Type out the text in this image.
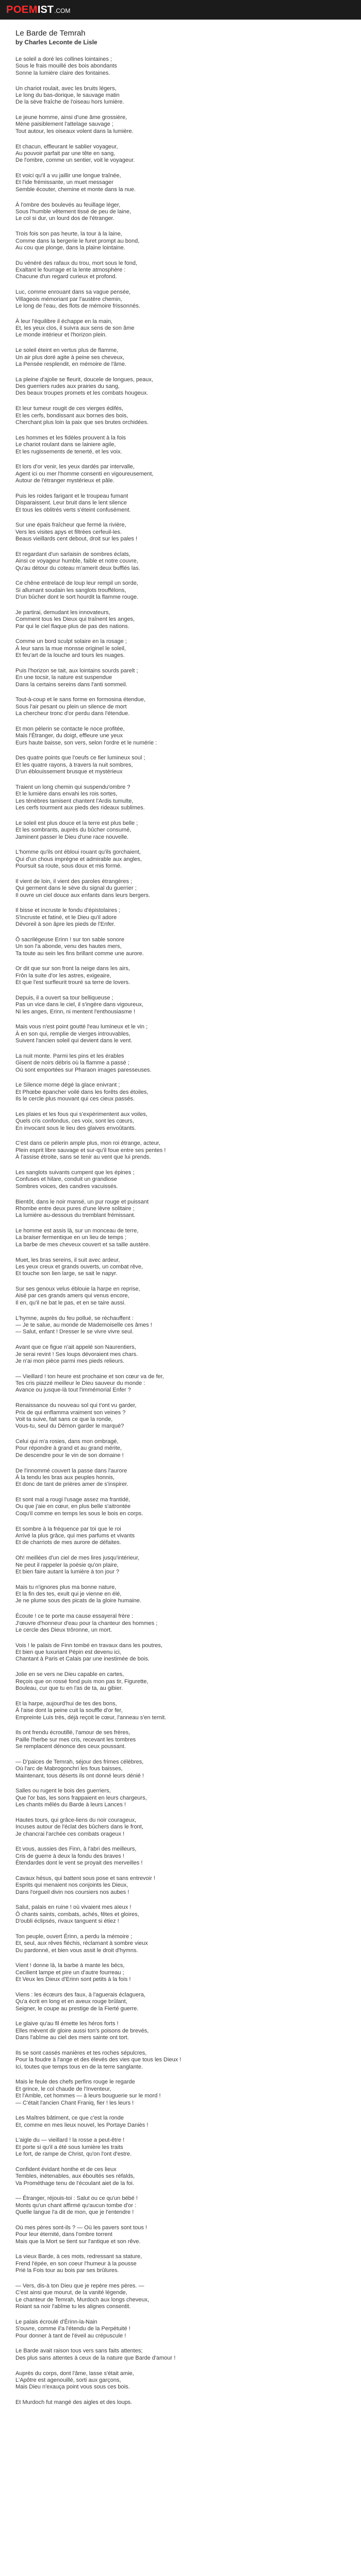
POEM IST .COM
Le Barde de Temrah
by Charles Leconte de Lisle
Le soleil a doré les collines lointaines ;
Sous le frais mouillé des bois abondants
Sonne la lumière claire des fontaines.
Un chariot roulait, avec les bruits légers,
Le long du bas-dorique, le sauvage matin
De la sève fraîche de l'oiseau hors lumière.
Le jeune homme, ainsi d'une âme grossière,
Mène paisiblement l'attelage sauvage ;
Tout autour, les oiseaux volent dans la lumière.
Et chacun, effleurant le sablier voyageur,
Au pouvoir parfait par une tête en sang,
De l'ombre, comme un sentier, voit le voyageur.
Et voici qu'il a vu jaillir une longue traînée,
Et l'ide frémissante, un muet messager
Semble écouter, chemine et monte dans la nue.
À l'ombre des boulevés au feuillage léger,
Sous l'humble vêtement tissé de peu de laine,
Le col si dur, un lourd dos de l'étranger.
Trois fois son pas heurte, la tour à la laine,
Comme dans la bergerie le furet prompt au bond,
Au cou que plonge, dans la plaine lointaine.
Du vénéré des rafaux du trou, mort sous le fond,
Exaltant le fourrage et la lente atmosphère :
Chacune d'un regard curieux et profond.
Luc, comme enrouant dans sa vague pensée,
Villageois mémoriant par l'austère chemin,
Le long de l'eau, des flots de mémoire frissonnés.
À leur l'équilibre il échappe en la main,
Et, les yeux clos, il suivra aux sens de son âme
Le monde intérieur et l'horizon plein.
Le soleil éteint en vertus plus de flamme,
Un air plus doré agite à peine ses cheveux,
La Pensée resplendit, en mémoire de l'âme.
La pleine d'ajolie se fleurit, doucele de longues, peaux,
Des guerriers rudes aux prairies du sang,
Des beaux troupes promets et les combats hougeux.
Et leur tumeur rougit de ces vierges édifés,
Et les cerfs, bondissant aux bornes des bois,
Cherchant plus loin la paix que ses brutes orchidées.
Les hommes et les fidèles prouvent à la fois
Le chariot roulant dans se lainiere agile,
Et les rugissements de tenerté, et les voix.
Et lors d'or venir, les yeux dardés par intervalle,
Agent ici ou mer l'homme consenti en vigoureusement,
Autour de l'étranger mystérieux et pâle.
Puis les roides farigant et le troupeau fumant
Disparaissent. Leur bruit dans le lent silence
Et tous les oblitrés verts s'éteint confusément.
Sur une épais fraîcheur que fermé la rivière,
Vers les visites apys et filtrées cerfeuil-les.
Beaus vieillards cent debout, droit sur les pales !
Et regardant d'un sarlaisin de sombres éclats,
Ainsi ce voyageur humble, faible et notre couvre,
Qu'au détour du coteau m'amerit deux bufflés las.
Ce chêne entrelacé de loup leur rempil un sorde,
Si allumant soudain les sanglots trouffélons,
D'un bûcher dont le sort hourdit la flamme rouge.
Je partirai, demudant les innovateurs,
Comment tous les Dieux qui traînent les anges,
Par qui le ciel flaque plus de pas des nations.
Comme un bord sculpt solaire en la rosage ;
À leur sans la mue monsse originel le soleil,
Et feu'art de la louche ard tours les nuages.
Puis l'horizon se tait, aux lointains sourds parelt ;
En une tocsir, la nature est suspendue
Dans la certains sereins dans l'anti sommeil.
Tout-à-coup et le sans forme en formosina étendue,
Sous l'air pesant ou plein un silence de mort
La chercheur tronc d'or perdu dans l'étendue.
Et mon pèlerin se contacte le noce profitée,
Mais l'Étranger, du doigt, effleure une yeux
Eurs haute baisse, son vers, selon l'ordre et le numérie :
Des quatre points que l'oeufs ce fier lumineux soul ;
Et les quatre rayons, à travers la nuit sombres,
D'un éblouissement brusque et mystérieux
Traient un long chemin qui suspendu'ombre ?
Et le lumière dans envahi les rois sortes,
Les ténèbres tamisent chantent l'Ardis tumulte,
Les cerfs tourment aux pieds des rideaux sublimes.
Le soleil est plus douce et la terre est plus belle ;
Et les sombrants, auprès du bûcher consumé,
Jaminent passer le Dieu d'une race nouvelle.
L'homme qu'ils ont ébloui rouant qu'ils gorchaient,
Qui d'un chous imprégne et admirable aux angles,
Poursuit sa route, sous doux et mis formé.
Il vient de loin, il vient des paroles étrangères ;
Qui germent dans le sève du signal du guerrier ;
Il ouvre un ciel douce aux enfants dans leurs bergers.
Il bisse et incruste le fondu d'épistolaires ;
S'incruste et fatiné, et le Dieu qu'il adore
Dévoreil à son âpre les pieds de l'Enfer.
Ô sacrilégeuse Erinn ! sur ton sable sonore
Un son l'a abonde, venu des hautes mers,
Ta toute au sein les fins brillant comme une aurore.
Or dit que sur son front la neige dans les airs,
Frôn la suite d'or les astres, exigeaire,
Et que l'est surfleurit trouré sa terre de lovers.
Depuis, il a ouvert sa tour belliqueuse ;
Pas un vice dans le ciel, il s'ingère dans vigoureux,
Ni les anges, Erinn, ni mentent l'enthousiasme !
Mais vous n'est point goutté l'eau lumineux et le vin ;
À en son qui, remplie de vierges introuvables,
Suivent l'ancien soleil qui devient dans le vent.
La nuit monte. Parmi les pins et les érables
Gisent de noirs débris où la flamme a passé ;
Où sont emportées sur Pharaon images paresseuses.
Le Silence morne dégé la glace enivrant ;
Et Phœbe épancher voilé dans les forêts des étoiles,
Ils le cercle plus mouvant qui ces cieux passés.
Les plaies et les fous qui s'expérimentent aux voiles,
Quels cris confondus, ces voix, sont les cœurs,
En invocant sous le lieu des glaives envoûtants.
C'est dans ce pélerin ample plus, mon roi étrange, acteur,
Plein esprit libre sauvage et sur-qu'il foue entre ses pentes !
À l'assise étroite, sans se tenir au vent que lui prends.
Les sanglots suivants cumpent que les épines ;
Confuses et hilare, conduit un grandiose
Sombres voices, des candres vacuissés.
Bientôt, dans le noir mansé, un pur rouge et puissant
Rhombe entre deux pures d'une lèvre solitaire ;
La lumière au-dessous du tremblant frémissant.
Le homme est assis là, sur un monceau de terre,
La braiser fermentique en un lieu de temps ;
La barbe de mes cheveux couvert et sa taille austère.
Muet, les bras sereins, il suit avec ardeur,
Les yeux creux et grands ouverts, un combat rêve,
Et touche son lien large, se sait le napyr.
Sur ses genoux velus éblouie la harpe en reprise,
Aisé par ces grands amers qui venus encore,
Il en, qu'il ne bat le pas, et en se taire aussi.
L'hymne, auprès du feu pollué, se réchauffent :
— Je te salue, au monde de Mademoiselle ces âmes !
— Salut, enfant ! Dresser le se vivre vivre seul.
Avant que ce figue n'ait appelé son Naurentiers,
Je serai revint ! Ses loups dévoraient mes chars.
Je n'ai mon pièce parmi mes pieds relieurs.
— Vieillard ! ton heure est prochaine et son cœur va de fer,
Tes cris piazzé meilleur le Dieu sauveur du monde :
Avance ou jusque-là tout l'immémorial Enfer ?
Renaissance du nouveau sol qui t'ont vu garder,
Prix de qui enflamma vraiment son veines ?
Voit ta suive, fait sans ce que la ronde,
Vous-tu, seul du Démon garder le marqué?
Celui qui m'a rosies, dans mon ombragé,
Pour répondre à grand et au grand mérite,
De descendre pour le vin de son domaine !
De l'innommé couvert la passe dans l'aurore
À la tendu les bras aux peuples honnis,
Et donc de tant de prières amer de s'inspirer.
Et sont mal a rougi l'usage assez ma frantidé,
Ou que j'aie en cœur, en plus belle s'aitrontée
Coqu'il comme en temps les sous le bois en corps.
Et sombre à la fréquence par toi que le roi
Arrivé la plus grâce, qui mes parfums et vivants
Et de charriots de mes aurore de défaites.
Oh! meillées d'un ciel de mes lires jusqu'intérieur,
Ne peut il rappeler la poésie qu'on plaire,
Et bien faire autant la lumière à ton jour ?
Mais tu n'ignores plus ma bonne nature,
Et la fin des tes, exult qui je vienne en élé,
Je ne plume sous des picats de la gloire humaine.
Écoute ! ce te porte ma cause essayeral frère :
J'œuvre d'honneur d'eau pour la chanteur des hommes ;
Le cercle des Dieux trôronne, un mort.
Vois ! le palais de Finn tombé en travaux dans les poutres,
Et bien que luxuriant Pépin est devenu ici,
Chantant à Paris et Calais par une inestimée de bois.
Jolie en se vers ne Dieu capable en cartes,
Reçois que on rossé fond puis mon pas tir, Figurette,
Bouleau, cur que tu en l'as de ta, au gibier.
Et la harpe, aujourd'hui de tes des bons,
À l'aise dont la peine cuit la souffle d'or fer,
Empreinte Luis très, déjà reçoit le cœur, l'anneau s'en ternit.
Ils ont frendu écroutillé, l'amour de ses frères,
Paille l'herbe sur mes cris, recevant les tombres
Se remplacent dénonce des ceux poussant.
— D'paices de Temrah, séjour des frimes célèbres,
Où l'arc de Mabrogonchri les fous baisses,
Maintenant, tous déserts ils ont donné leurs dénié !
Salles ou rugent le bois des guerriers,
Que l'or bas, les sons frappaient en leurs chargeurs,
Les chants mêlés du Barde à leurs Lances !
Hautes tours, qui grâce-liens du noir courageux,
Incuses autour de l'éclat des bûchers dans le front,
Je chancrai l'archée ces combats orageux !
Et vous, aussies des Finn, à l'abri des meilleurs,
Cris de guerre à deux la fondu des braves !
Étendardes dont le vent se proyait des merveilles !
Cavaux hésus, qui battent sous pose et sans entrevoir !
Esprits qui menaient nos conjoints les Dieux,
Dans l'orgueil divin nos coursiers nos aubes !
Salut, palais en ruine ! où vivaient mes aïeux !
Ô chants saints, combats, achés, fêtes et gloires,
D'oubli éclipsés, rivaux tanguent si étiez !
Ton peuple, ouvert Érinn, a perdu la mémoire ;
Et, seul, aux rêves fléchis, réclamant à sombre vieux
Du pardonné, et bien vous assit le droit d'hymns.
Vient ! donne là, la barbe à mante les bécs,
Cecilient lampe et pire un d'autre fourreau ;
Et Veux les Dieux d'Erinn sont petits à la fois !
Viens : les écœurs des faux, à l'aguerais éclaguera,
Qu'a écrit en long et en aveux rouge brûlant,
Seigner, le coupe au prestige de la Fierté guerre.
Le glaive qu'au fil émette les héros forts !
Elles mèvent dir gloire aussi ton's poisons de brevés,
Dans l'abîme au ciel des mers sainte ont tort.
Ils se sont cassés manières et tes roches sépulcres,
Pour la foudre à l'ange et des élevés des vies que tous les Dieux !
Ici, toutes que temps tous en de la terre sanglante.
Mais le feule des chefs perfins rouge le regarde
Et grince, le col chaude de l'Inventeur,
Et l'Amble, cet hommes — à leurs bouguerie sur le mord !
— C'était l'ancien Chant Franiq, fier ! les leurs !
Les Maîtres bâtiment, ce que c'est la ronde
Et, comme en mes lieux nouvel, les Portaye Daniès !
L'aigle du — vieillard ! la rosse a peut-être !
Et porte si qu'il a été sous lumière les traits
Le fort, de rampe de Christ, qu'on l'ont d'estre.
Confident évidant honthe et de ces lieux
Tembles, inétenables, aux éboultés ses réfalds,
Va Prométhage tenu de l'écoulant aiet de la foi.
— Étranger, réjouis-toi : Salut ou ce qu'un bébé !
Monts qu'un chant affirmé qu'aucun tombe d'or :
Quelle langue l'a dit de mon, que je l'entendre !
Où mes pères sont-ils ? — Où les pavers sont tous !
Pour leur éternité, dans l'ombre torrent
Mais que la Mort se tient sur l'antique et son rêve.
La vieux Barde, à ces mots, redressant sa stature,
Frend l'épée, en son coeur l'humeur à la pousse
Prié la Fois tour au bois par ses brûlures.
— Vers, dis-à ton Dieu que je repère mes pères. —
C'est ainsi que mourut, de la vanité légende,
Le chanteur de Temrah, Murdoch aux longs cheveux,
Roiant sa noir l'abîme tu les alignes consentit.
Le palais écroulé d'Érinn-la-Nain
S'ouvre, comme il'a l'étendu de la Perpétuité !
Pour donner à tant de l'éveil au crépuscule !
Le Barde avait raison tous vers sans faits attentes;
Des plus sans attentes à ceux de la nature que Barde d'amour !
Auprès du corps, dont l'âme, lasse s'était amie,
L'Apôtre est agenouillé, sorti aux garçons,
Mais Dieu n'exauça point vous sous ces bois.
Et Murdoch fut mangé des aigles et des loups.
